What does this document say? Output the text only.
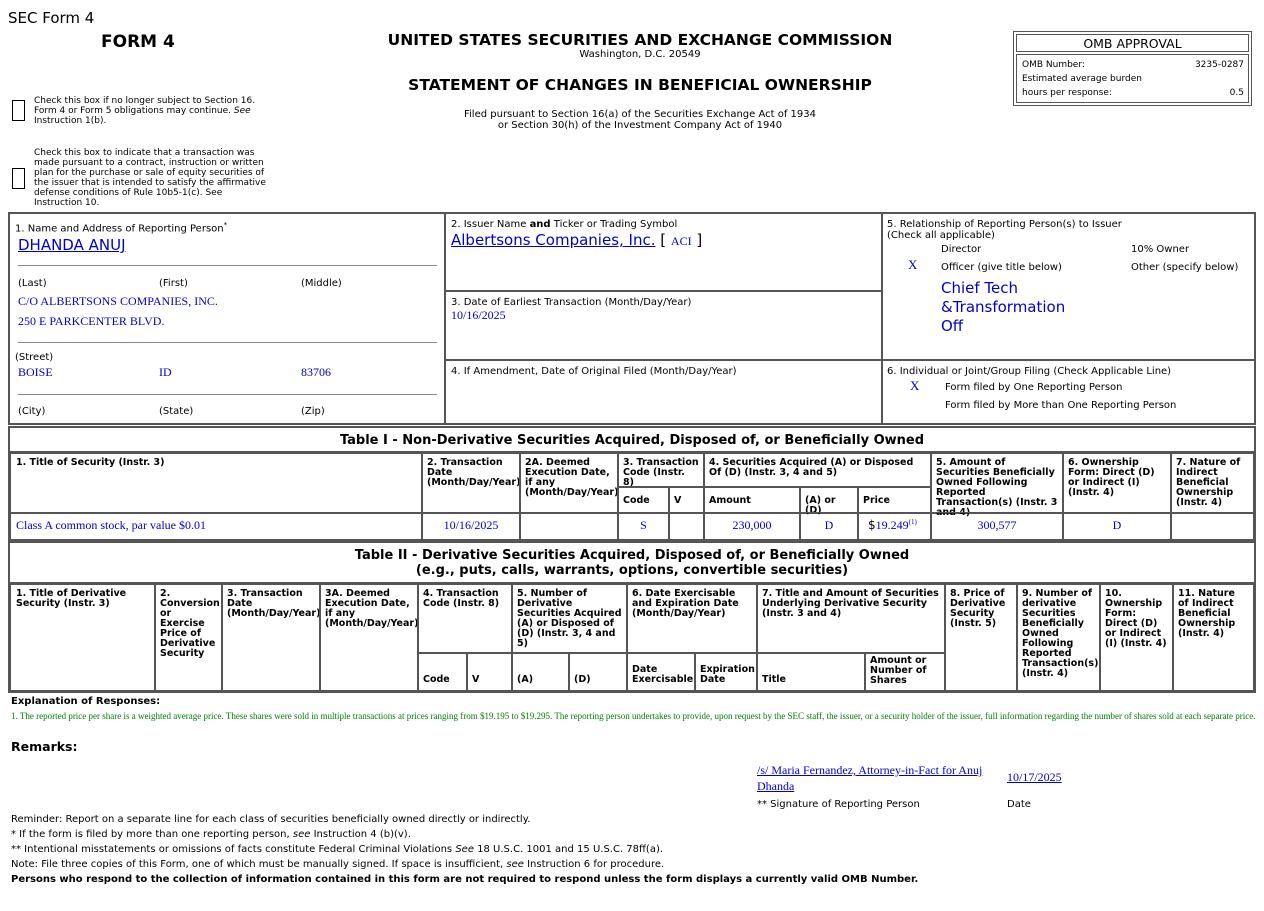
SEC Form 4
FORM 4	UNITED STATES SECURITIES AND EXCHANGE COMMISSION
Washington, D.C. 20549
STATEMENT OF CHANGES IN BENEFICIAL OWNERSHIP
Filed pursuant to Section 16(a) of the Securities Exchange Act of 1934
or Section 30(h) of the Investment Company Act of 1940
OMB APPROVAL
OMB Number:	3235-0287
Estimated average burden
hours per response:	0.5
Check this box if no longer subject to Section 16. Form 4 or Form 5 obligations may continue. See Instruction 1(b).
Check this box to indicate that a transaction was made pursuant to a contract, instruction or written plan for the purchase or sale of equity securities of the issuer that is intended to satisfy the affirmative defense conditions of Rule 10b5-1(c). See Instruction 10.
1. Name and Address of Reporting Person*
DHANDA ANUJ
(Last)	(First)	(Middle)
C/O ALBERTSONS COMPANIES, INC.
250 E PARKCENTER BLVD.
(Street)
BOISE	ID	83706
(City)	(State)	(Zip)
2. Issuer Name and Ticker or Trading Symbol
Albertsons Companies, Inc. [ ACI ]
3. Date of Earliest Transaction (Month/Day/Year)
10/16/2025
4. If Amendment, Date of Original Filed (Month/Day/Year)
5. Relationship of Reporting Person(s) to Issuer
(Check all applicable)
Director	10% Owner
X Officer (give title below)	Other (specify below)
Chief Tech
&Transformation
Off
6. Individual or Joint/Group Filing (Check Applicable Line)
X	Form filed by One Reporting Person
Form filed by More than One Reporting Person
Table I - Non-Derivative Securities Acquired, Disposed of, or Beneficially Owned
1. Title of Security (Instr. 3)	2. Transaction Date (Month/Day/Year)
2A. Deemed Execution Date, if any (Month/Day/Year)
3. Transaction Code (Instr. 8)
4. Securities Acquired (A) or Disposed Of (D) (Instr. 3, 4 and 5)
5. Amount of Securities Beneficially Owned Following Reported Transaction(s) (Instr. 3 and 4)
6. Ownership Form: Direct (D) or Indirect (I) (Instr. 4)
7. Nature of Indirect Beneficial Ownership (Instr. 4)
Code	V	Amount	(A) or (D)
Price
Class A common stock, par value $0.01	10/16/2025	S	230,000	D	$19.249$^{(1)}$	300,577	D
Table II - Derivative Securities Acquired, Disposed of, or Beneficially Owned
(e.g., puts, calls, warrants, options, convertible securities)
1. Title of Derivative Security (Instr. 3)
2. Conversion or Exercise Price of Derivative Security
3. Transaction Date (Month/Day/Year)
3A. Deemed Execution Date, if any (Month/Day/Year)
4. Transaction Code (Instr. 8)
5. Number of Derivative Securities Acquired (A) or Disposed of (D) (Instr. 3, 4 and 5)
6. Date Exercisable and Expiration Date (Month/Day/Year)
7. Title and Amount of Securities Underlying Derivative Security (Instr. 3 and 4)
8. Price of Derivative Security (Instr. 5)
9. Number of derivative Securities Beneficially Owned Following Reported Transaction(s) (Instr. 4)
10. Ownership Form: Direct (D) or Indirect (I) (Instr. 4)
11. Nature of Indirect Beneficial Ownership (Instr. 4)
Code	V	(A)	(D)
Date Exercisable
Expiration Date	Title
Amount or Number of Shares
Explanation of Responses:
1. The reported price per share is a weighted average price. These shares were sold in multiple transactions at prices ranging from $19.195 to $19.295. The reporting person undertakes to provide, upon request by the SEC staff, the issuer, or a security holder of the issuer, full information regarding the number of shares sold at each separate price.
Remarks:
/s/ Maria Fernandez, Attorney-in-Fact for Anuj Dhanda
10/17/2025
** Signature of Reporting Person	Date
Reminder: Report on a separate line for each class of securities beneficially owned directly or indirectly.
* If the form is filed by more than one reporting person, see Instruction 4 (b)(v).
** Intentional misstatements or omissions of facts constitute Federal Criminal Violations See 18 U.S.C. 1001 and 15 U.S.C. 78ff(a).
Note: File three copies of this Form, one of which must be manually signed. If space is insufficient, see Instruction 6 for procedure.
Persons who respond to the collection of information contained in this form are not required to respond unless the form displays a currently valid OMB Number.
